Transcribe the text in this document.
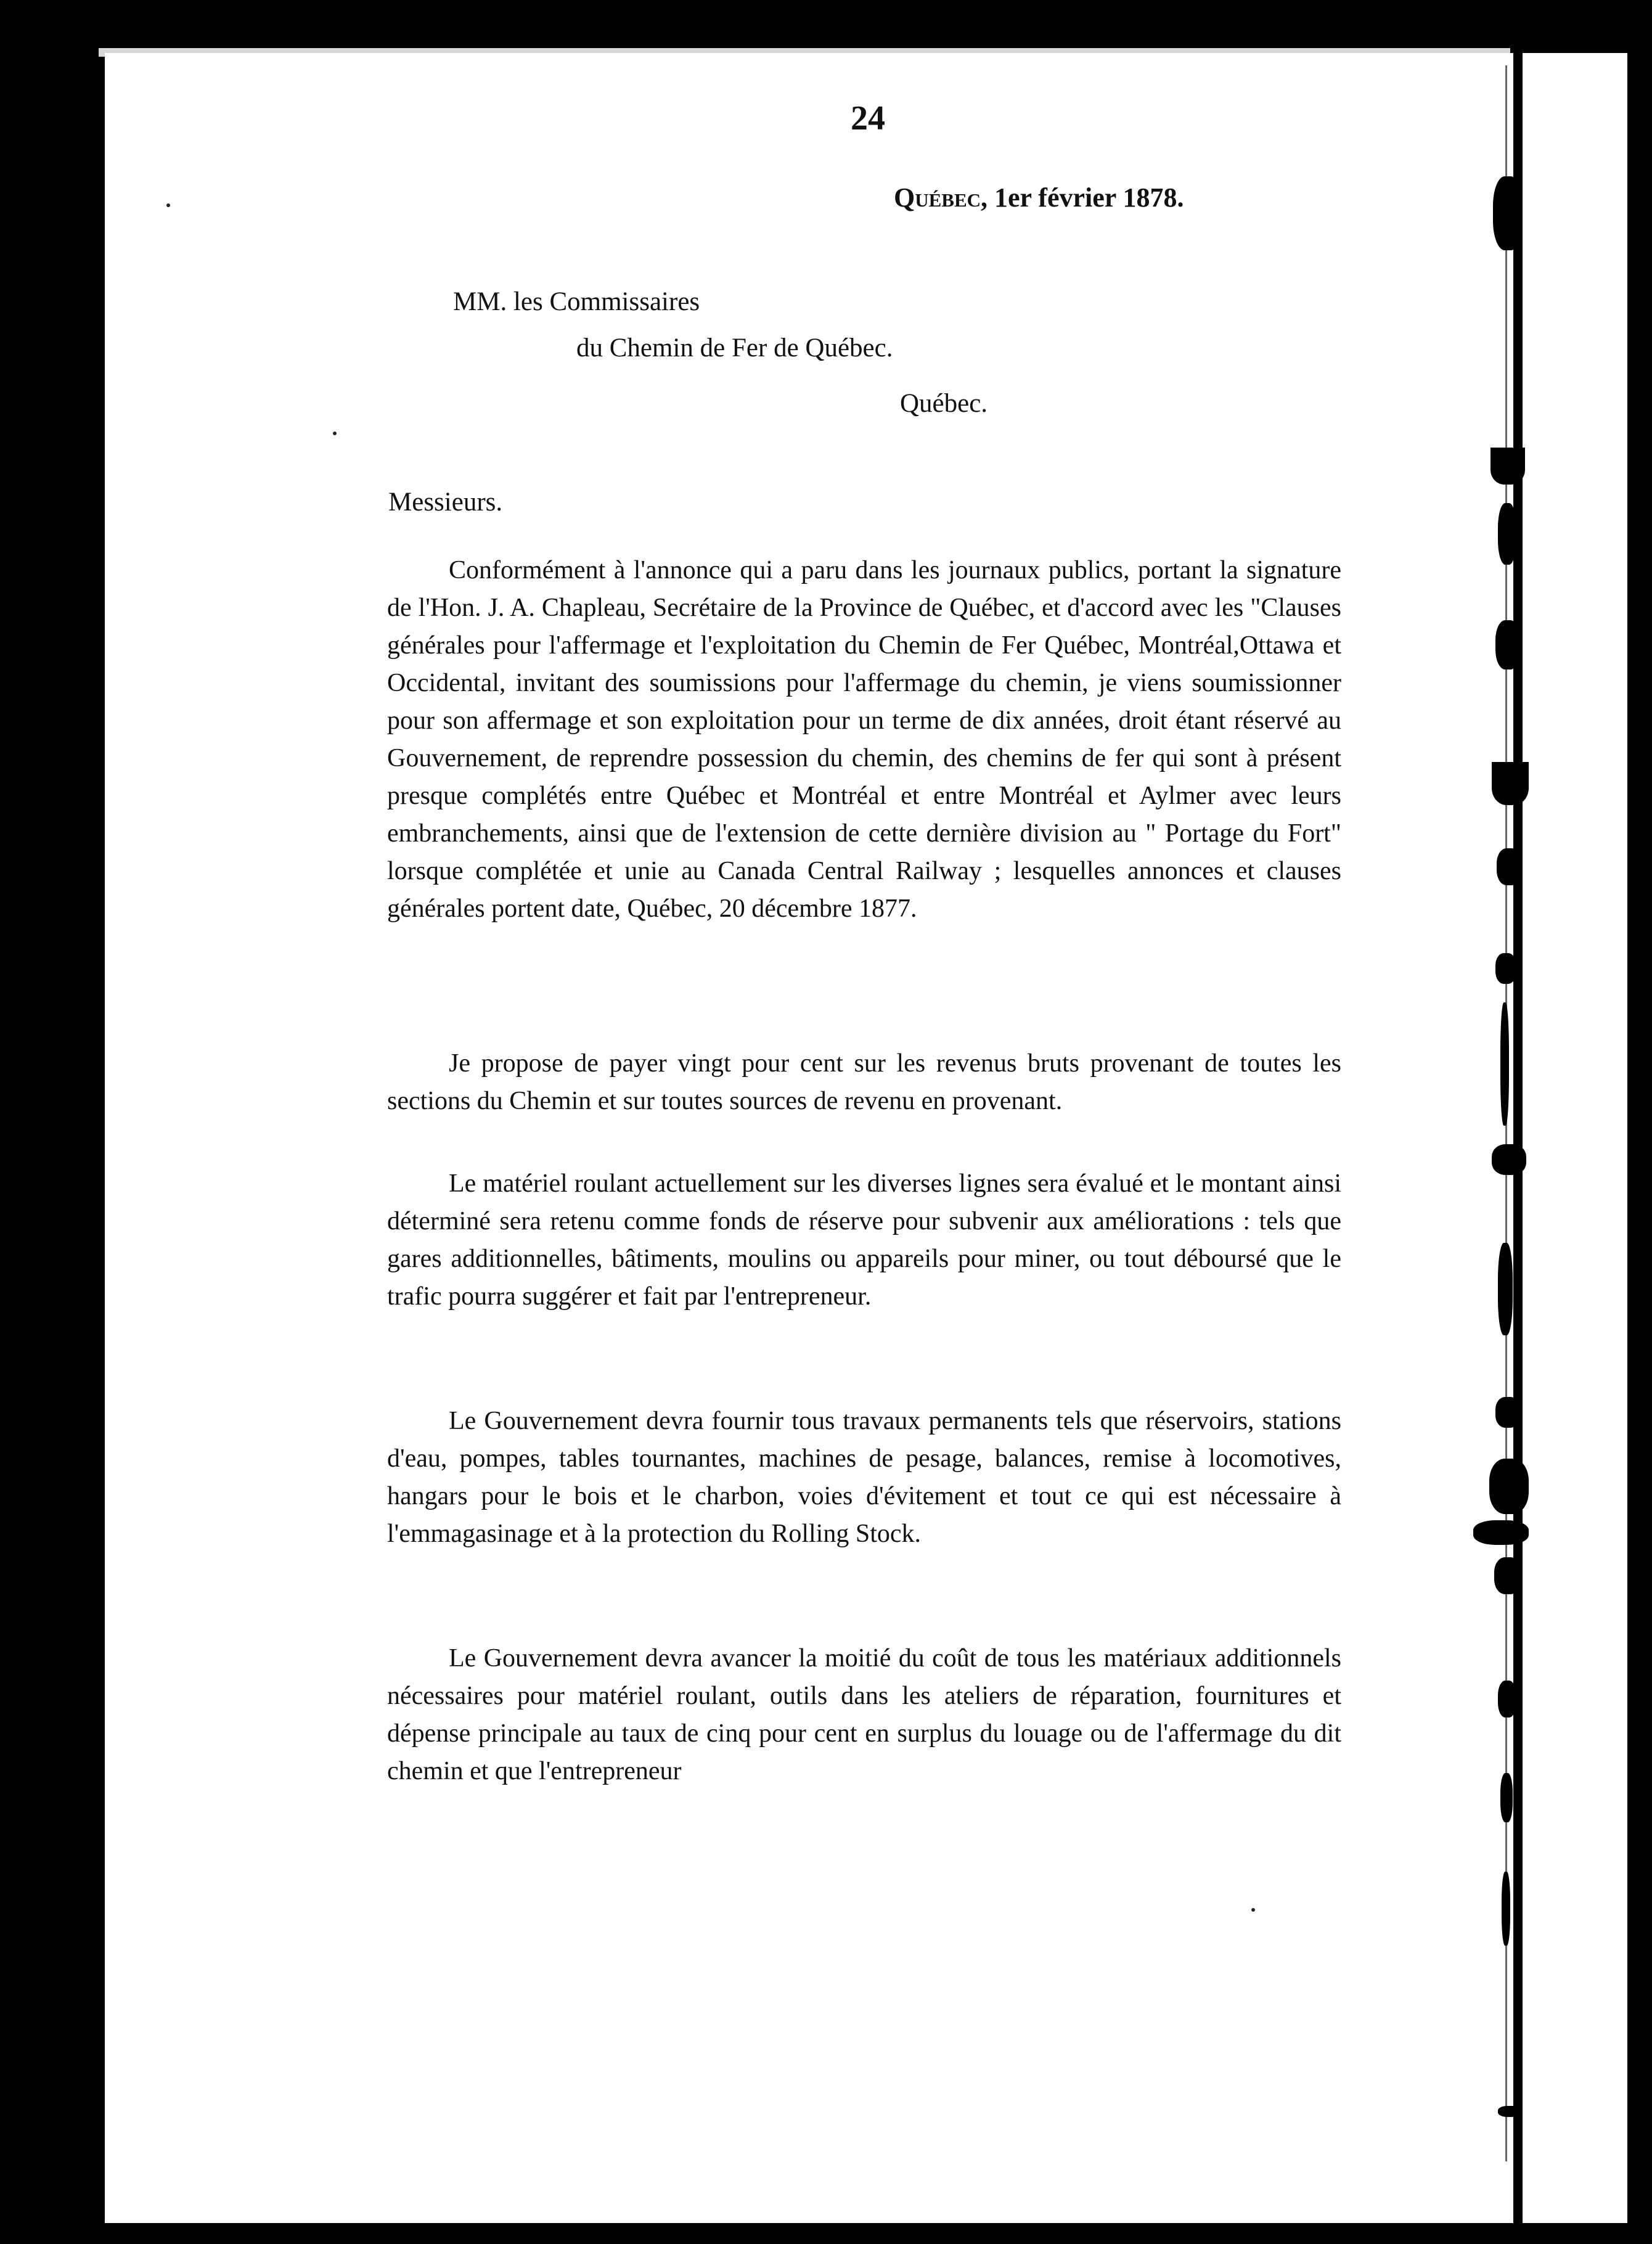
24
Québec, 1er février 1878.
MM. les Commissaires
du Chemin de Fer de Québec.
Québec.
Messieurs.

Conformément à l'annonce qui a paru dans les journaux publics, portant la signature de l'Hon. J. A. Chapleau, Secrétaire de la Province de Québec, et d'accord avec les "Clauses générales pour l'affermage et l'exploitation du Chemin de Fer Québec, Montréal,Ottawa et Occidental, invitant des soumissions pour l'affermage du chemin, je viens soumissionner pour son affermage et son exploitation pour un terme de dix années, droit étant réservé au Gouvernement, de reprendre possession du chemin, des chemins de fer qui sont à présent presque complétés entre Québec et Montréal et entre Montréal et Aylmer avec leurs embranchements, ainsi que de l'extension de cette dernière division au " Portage du Fort" lorsque complétée et unie au Canada Central Railway ; lesquelles annonces et clauses générales portent date, Québec, 20 décembre 1877.

Je propose de payer vingt pour cent sur les revenus bruts provenant de toutes les sections du Chemin et sur toutes sources de revenu en provenant.

Le matériel roulant actuellement sur les diverses lignes sera évalué et le montant ainsi déterminé sera retenu comme fonds de réserve pour subvenir aux améliorations : tels que gares additionnelles, bâtiments, moulins ou appareils pour miner, ou tout déboursé que le trafic pourra suggérer et fait par l'entrepreneur.

Le Gouvernement devra fournir tous travaux permanents tels que réservoirs, stations d'eau, pompes, tables tournantes, machines de pesage, balances, remise à locomotives, hangars pour le bois et le charbon, voies d'évitement et tout ce qui est nécessaire à l'emmagasinage et à la protection du Rolling Stock.

Le Gouvernement devra avancer la moitié du coût de tous les matériaux additionnels nécessaires pour matériel roulant, outils dans les ateliers de réparation, fournitures et dépense principale au taux de cinq pour cent en surplus du louage ou de l'affermage du dit chemin et que l'entrepreneur
